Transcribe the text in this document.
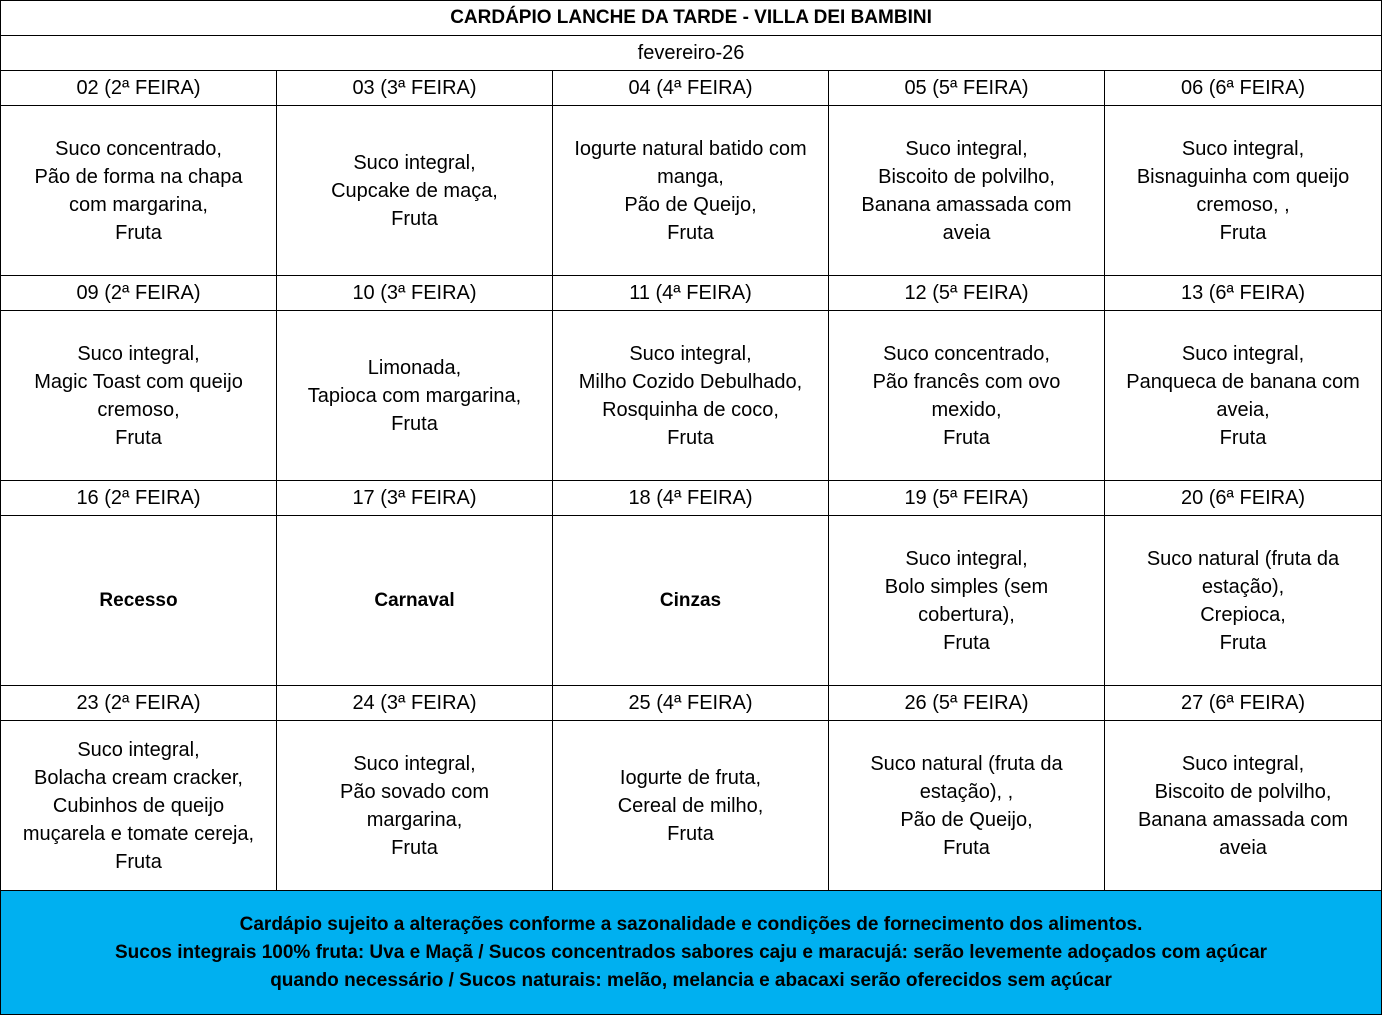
CARDÁPIO LANCHE DA TARDE - VILLA DEI BAMBINI				
fevereiro-26				
02 (2ª FEIRA)	03 (3ª FEIRA)	04 (4ª FEIRA)	05 (5ª FEIRA)	06 (6ª FEIRA)

Suco concentrado,
Pão de forma na chapa
com margarina,
Fruta	Suco integral,
Cupcake de maça,
Fruta	Iogurte natural batido com
manga,
Pão de Queijo,
Fruta	Suco integral,
Biscoito de polvilho,
Banana amassada com
aveia	Suco integral,
Bisnaguinha com queijo
cremoso, ,
Fruta

09 (2ª FEIRA)	10 (3ª FEIRA)	11 (4ª FEIRA)	12 (5ª FEIRA)	13 (6ª FEIRA)

Suco integral,
Magic Toast com queijo
cremoso,
Fruta	Limonada,
Tapioca com margarina,
Fruta	Suco integral,
Milho Cozido Debulhado,
Rosquinha de coco,
Fruta	Suco concentrado,
Pão francês com ovo
mexido,
Fruta	Suco integral,
Panqueca de banana com
aveia,
Fruta

16 (2ª FEIRA)	17 (3ª FEIRA)	18 (4ª FEIRA)	19 (5ª FEIRA)	20 (6ª FEIRA)

Recesso	Carnaval	Cinzas	Suco integral,
Bolo simples (sem
cobertura),
Fruta	Suco natural (fruta da
estação),
Crepioca,
Fruta

23 (2ª FEIRA)	24 (3ª FEIRA)	25 (4ª FEIRA)	26 (5ª FEIRA)	27 (6ª FEIRA)

Suco integral,
Bolacha cream cracker,
Cubinhos de queijo
muçarela e tomate cereja,
Fruta	Suco integral,
Pão sovado com
margarina,
Fruta	Iogurte de fruta,
Cereal de milho,
Fruta	Suco natural (fruta da
estação), ,
Pão de Queijo,
Fruta	Suco integral,
Biscoito de polvilho,
Banana amassada com
aveia

Cardápio sujeito a alterações conforme a sazonalidade e condições de fornecimento dos alimentos.
Sucos integrais 100% fruta: Uva e Maçã / Sucos concentrados sabores caju e maracujá: serão levemente adoçados com açúcar
quando necessário / Sucos naturais: melão, melancia e abacaxi serão oferecidos sem açúcar				
